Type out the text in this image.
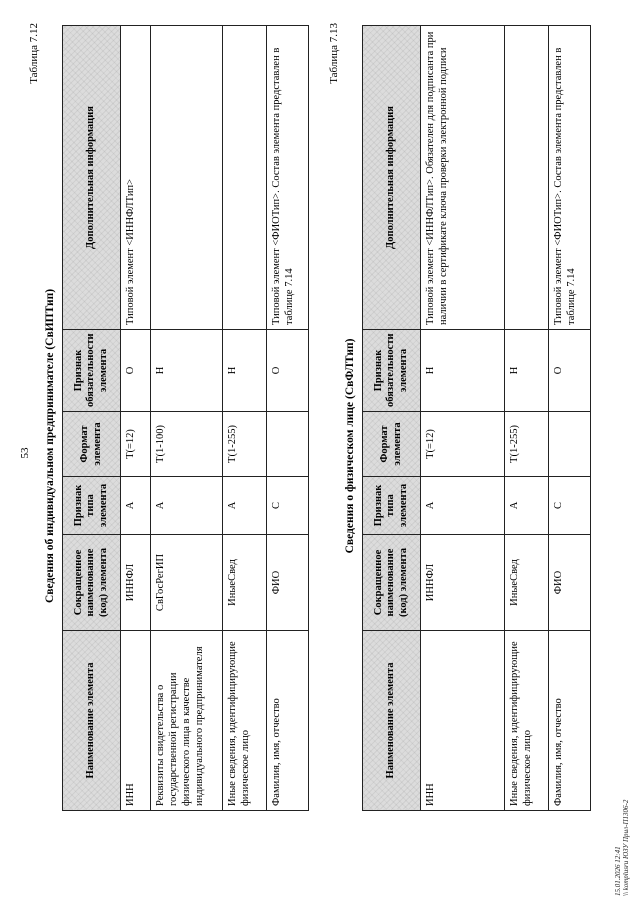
53
Таблица 7.12
Сведения об индивидуальном предпринимателе (СвИПТип)
Наименование элемента	Сокращенное наименование (код) элемента	Признак типа элемента	Формат элемента	Признак обязательности элемента	Дополнительная информация
ИНН	ИННФЛ	А	Т(=12)	О	Типовой элемент <ИННФЛТип>
Реквизиты свидетельства о государственной регистрации физического лица в качестве индивидуального предпринимателя	СвГосРегИП	А	Т(1-100)	Н	
Иные сведения, идентифицирующие физическое лицо	ИныеСвед	А	Т(1-255)	Н	
Фамилия, имя, отчество	ФИО	С		О	Типовой элемент <ФИОТип>. Состав элемента представлен в таблице 7.14
Таблица 7.13
Сведения о физическом лице (СвФЛТип)
Наименование элемента	Сокращенное наименование (код) элемента	Признак типа элемента	Формат элемента	Признак обязательности элемента	Дополнительная информация
ИНН	ИННФЛ	А	Т(=12)	Н	Типовой элемент <ИННФЛТип>. Обязателен для подписанта при наличии в сертификате ключа проверки электронной подписи
Иные сведения, идентифицирующие физическое лицо	ИныеСвед	А	Т(1-255)	Н	
Фамилия, имя, отчество	ФИО	С		О	Типовой элемент <ФИОТип>. Состав элемента представлен в таблице 7.14
15.01.2026 12:41 \\ komplusru ЮЗУ Прил-П1306-2
